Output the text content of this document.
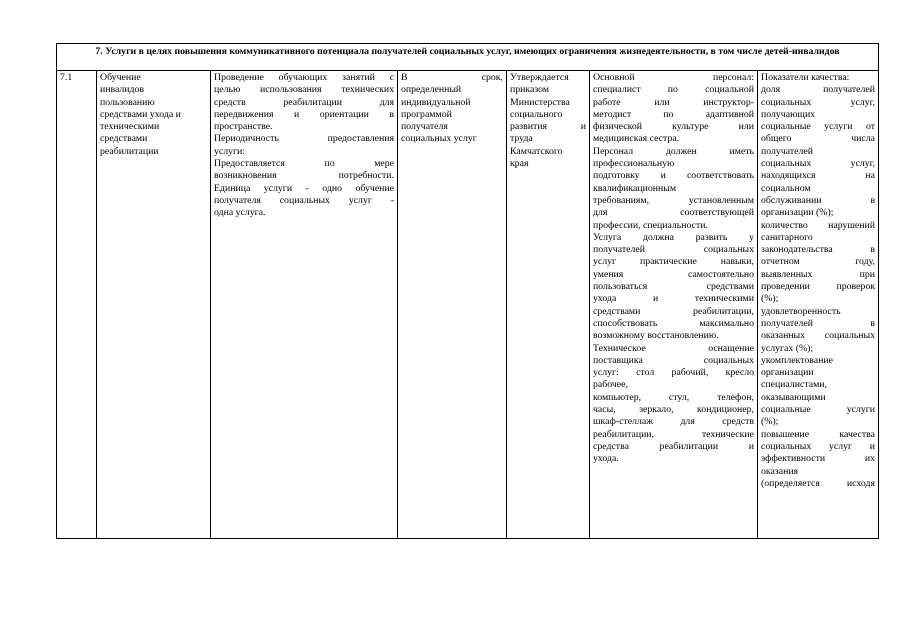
7. Услуги в целях повышения коммуникативного потенциала получателей социальных услуг, имеющих ограничения жизнедеятельности, в том числе детей-инвалидов

7.1	Обучение

инвалидов

пользованию

средствами ухода и

техническими

средствами

реабилитации

Проведение обучающих занятий с

целью использования технических

средств реабилитации для

передвижения и ориентации в

пространстве.

Периодичность предоставления

услуги:

Предоставляется по мере

возникновения потребности.

Единица услуги - одно обучение

получателя социальных услуг -

одна услуга.

В срок,

определенный

индивидуальной

программой

получателя

социальных услуг

Утверждается

приказом

Министерства

социального

развития и

труда

Камчатского

края

Основной персонал:

специалист по социальной

работе или инструктор-

методист по адаптивной

физической культуре или

медицинская сестра.

Персонал должен иметь

профессиональную

подготовку и соответствовать

квалификационным

требованиям, установленным

для соответствующей

профессии, специальности.

Услуга должна развить у

получателей социальных

услуг практические навыки,

умения самостоятельно

пользоваться средствами

ухода и техническими

средствами реабилитации,

способствовать максимально

возможному восстановлению.

Техническое оснащение

поставщика социальных

услуг: стол рабочий, кресло

рабочее,

компьютер, стул, телефон,

часы, зеркало, кондиционер,

шкаф-стеллаж для средств

реабилитации, технические

средства реабилитации и

ухода.

Показатели качества:

доля получателей

социальных услуг,

получающих

социальные услуги от

общего числа

получателей

социальных услуг,

находящихся на

социальном

обслуживании в

организации (%);

количество нарушений

санитарного

законодательства в

отчетном году,

выявленных при

проведении проверок

(%);

удовлетворенность

получателей в

оказанных социальных

услугах (%);

укомплектование

организации

специалистами,

оказывающими

социальные услуги

(%);

повышение качества

социальных услуг и

эффективности их

оказания

(определяется исходя
